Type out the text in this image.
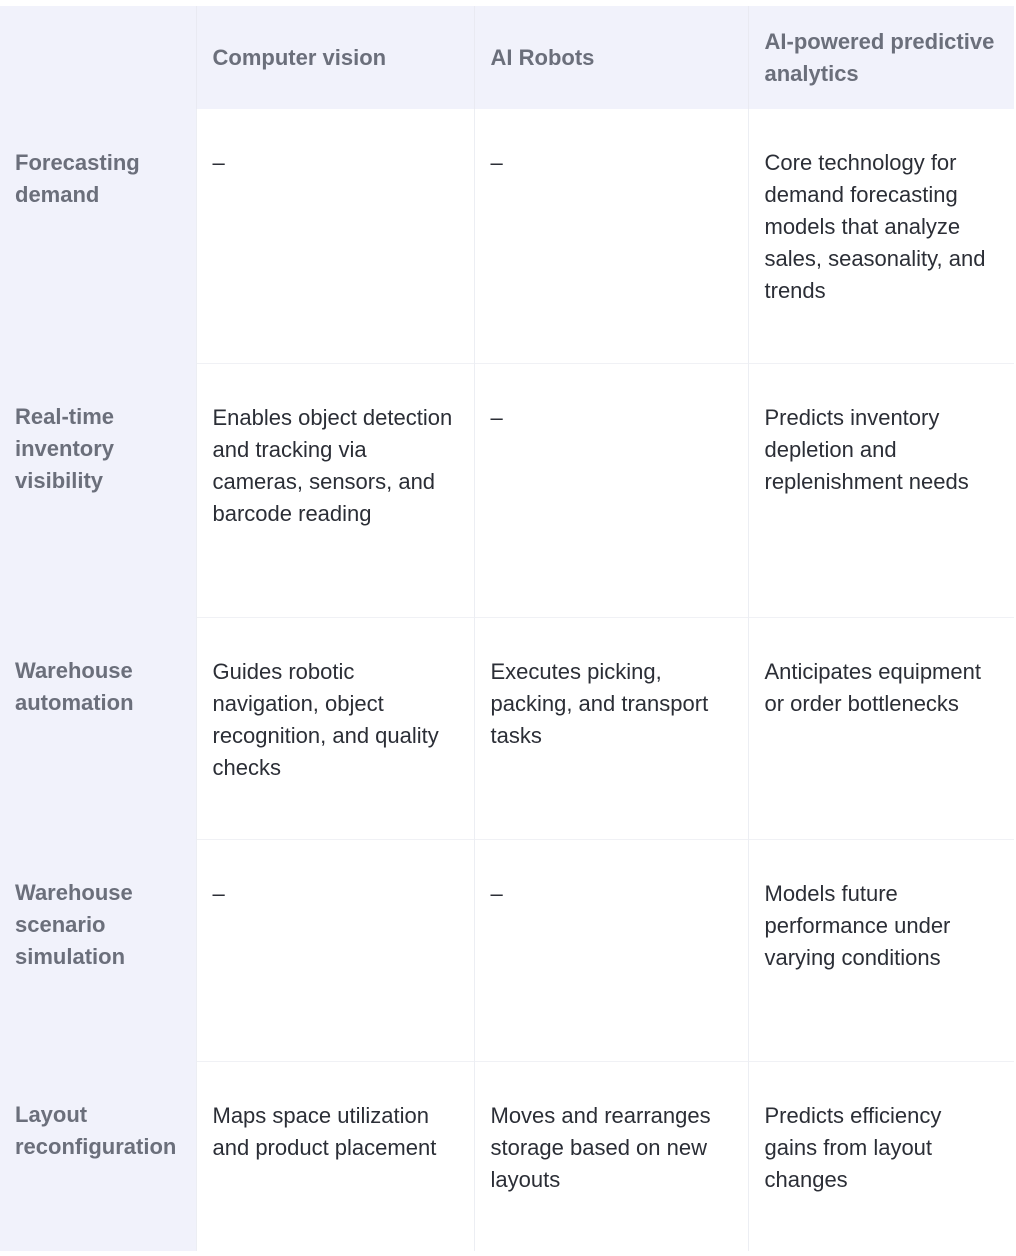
	Computer vision	AI Robots	AI-powered predictive analytics
Forecasting demand	–	–	Core technology for demand forecasting models that analyze sales, seasonality, and trends
Real-time inventory visibility	Enables object detection and tracking via cameras, sensors, and barcode reading	–	Predicts inventory depletion and replenishment needs
Warehouse automation	Guides robotic navigation, object recognition, and quality checks	Executes picking, packing, and transport tasks	Anticipates equipment or order bottlenecks
Warehouse scenario simulation	–	–	Models future performance under varying conditions
Layout reconfiguration	Maps space utilization and product placement	Moves and rearranges storage based on new layouts	Predicts efficiency gains from layout changes
